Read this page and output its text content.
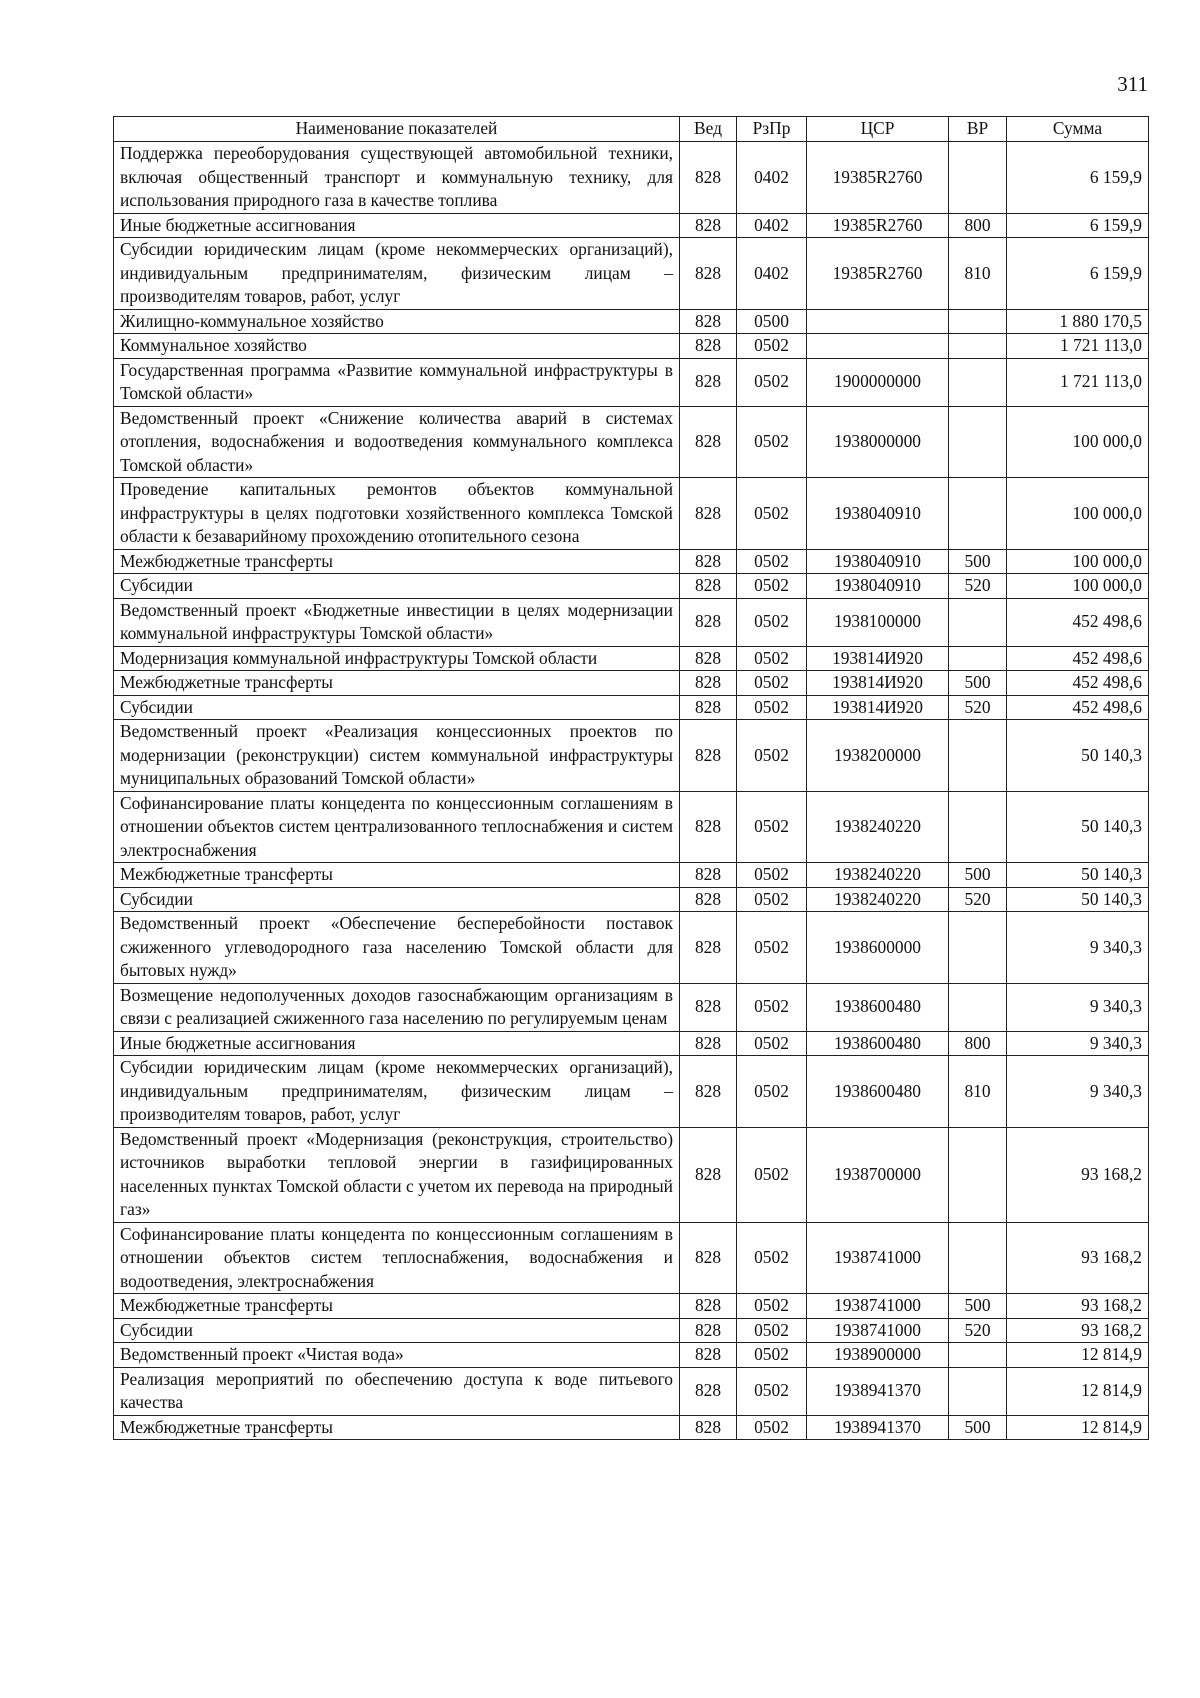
311
Наименование показателей	Вед	РзПр	ЦСР	ВР	Сумма
Поддержка переоборудования существующей автомобильной техники, включая общественный транспорт и коммунальную технику, для использования природного газа в качестве топлива	828	0402	19385R2760		6 159,9
Иные бюджетные ассигнования	828	0402	19385R2760	800	6 159,9
Субсидии юридическим лицам (кроме некоммерческих организаций), индивидуальным предпринимателям, физическим лицам – производителям товаров, работ, услуг	828	0402	19385R2760	810	6 159,9
Жилищно-коммунальное хозяйство	828	0500			1 880 170,5
Коммунальное хозяйство	828	0502			1 721 113,0
Государственная программа «Развитие коммунальной инфраструктуры в Томской области»	828	0502	1900000000		1 721 113,0
Ведомственный проект «Снижение количества аварий в системах отопления, водоснабжения и водоотведения коммунального комплекса Томской области»	828	0502	1938000000		100 000,0
Проведение капитальных ремонтов объектов коммунальной инфраструктуры в целях подготовки хозяйственного комплекса Томской области к безаварийному прохождению отопительного сезона	828	0502	1938040910		100 000,0
Межбюджетные трансферты	828	0502	1938040910	500	100 000,0
Субсидии	828	0502	1938040910	520	100 000,0
Ведомственный проект «Бюджетные инвестиции в целях модернизации коммунальной инфраструктуры Томской области»	828	0502	1938100000		452 498,6
Модернизация коммунальной инфраструктуры Томской области	828	0502	193814И920		452 498,6
Межбюджетные трансферты	828	0502	193814И920	500	452 498,6
Субсидии	828	0502	193814И920	520	452 498,6
Ведомственный проект «Реализация концессионных проектов по модернизации (реконструкции) систем коммунальной инфраструктуры муниципальных образований Томской области»	828	0502	1938200000		50 140,3
Софинансирование платы концедента по концессионным соглашениям в отношении объектов систем централизованного теплоснабжения и систем электроснабжения	828	0502	1938240220		50 140,3
Межбюджетные трансферты	828	0502	1938240220	500	50 140,3
Субсидии	828	0502	1938240220	520	50 140,3
Ведомственный проект «Обеспечение бесперебойности поставок сжиженного углеводородного газа населению Томской области для бытовых нужд»	828	0502	1938600000		9 340,3
Возмещение недополученных доходов газоснабжающим организациям в связи с реализацией сжиженного газа населению по регулируемым ценам	828	0502	1938600480		9 340,3
Иные бюджетные ассигнования	828	0502	1938600480	800	9 340,3
Субсидии юридическим лицам (кроме некоммерческих организаций), индивидуальным предпринимателям, физическим лицам – производителям товаров, работ, услуг	828	0502	1938600480	810	9 340,3
Ведомственный проект «Модернизация (реконструкция, строительство) источников выработки тепловой энергии в газифицированных населенных пунктах Томской области с учетом их перевода на природный газ»	828	0502	1938700000		93 168,2
Софинансирование платы концедента по концессионным соглашениям в отношении объектов систем теплоснабжения, водоснабжения и водоотведения, электроснабжения	828	0502	1938741000		93 168,2
Межбюджетные трансферты	828	0502	1938741000	500	93 168,2
Субсидии	828	0502	1938741000	520	93 168,2
Ведомственный проект «Чистая вода»	828	0502	1938900000		12 814,9
Реализация мероприятий по обеспечению доступа к воде питьевого качества	828	0502	1938941370		12 814,9
Межбюджетные трансферты	828	0502	1938941370	500	12 814,9
